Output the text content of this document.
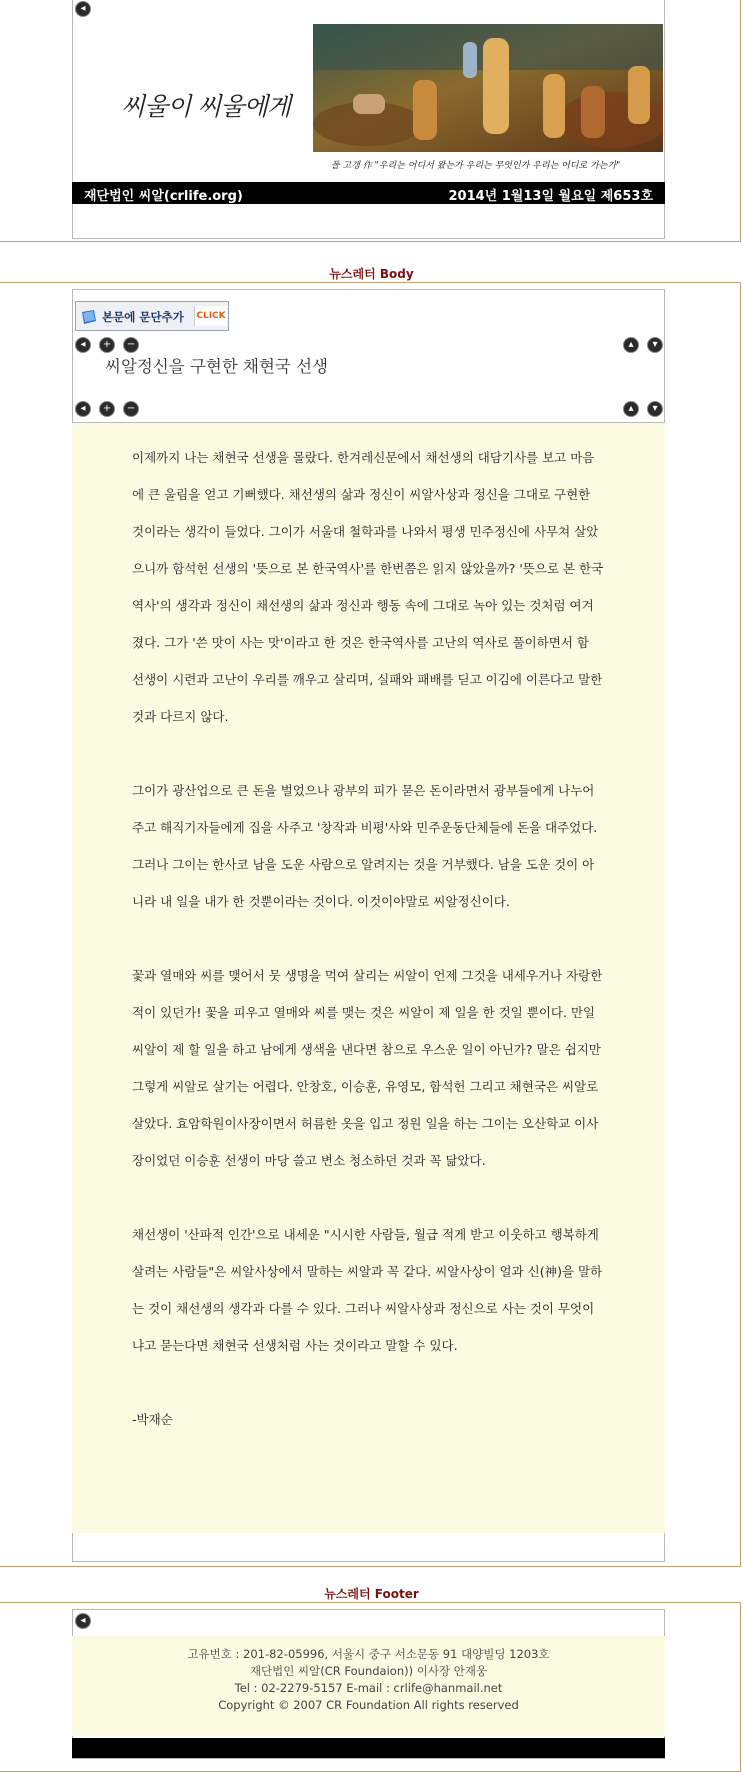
◂
씨울이 씨울에게
폴 고갱 作 "우리는 어디서 왔는가 우리는 무엇인가 우리는 어디로 가는가"
재단법인 씨알(crlife.org)	2014년 1월13일 월요일 제653호
뉴스레터 Body
본문에 문단추가 CLICK
◂	+	−	▴	▾
씨알정신을 구현한 채현국 선생
◂	+	−	▴	▾

이제까지 나는 채현국 선생을 몰랐다. 한겨레신문에서 채선생의 대담기사를 보고 마음에 큰 울림을 얻고 기뻐했다. 채선생의 삶과 정신이 씨알사상과 정신을 그대로 구현한 것이라는 생각이 들었다. 그이가 서울대 철학과를 나와서 평생 민주정신에 사무쳐 살았으니까 함석헌 선생의 '뜻으로 본 한국역사'를 한번쯤은 읽지 않았을까? '뜻으로 본 한국역사'의 생각과 정신이 채선생의 삶과 정신과 행동 속에 그대로 녹아 있는 것처럼 여겨졌다. 그가 '쓴 맛이 사는 맛'이라고 한 것은 한국역사를 고난의 역사로 풀이하면서 함 선생이 시련과 고난이 우리를 깨우고 살리며, 실패와 패배를 딛고 이김에 이른다고 말한 것과 다르지 않다.

그이가 광산업으로 큰 돈을 벌었으나 광부의 피가 묻은 돈이라면서 광부들에게 나누어주고 해직기자들에게 집을 사주고 '창작과 비평'사와 민주운동단체들에 돈을 대주었다. 그러나 그이는 한사코 남을 도운 사람으로 알려지는 것을 거부했다. 남을 도운 것이 아니라 내 일을 내가 한 것뿐이라는 것이다. 이것이야말로 씨알정신이다.

꽃과 열매와 씨를 맺어서 뭇 생명을 먹여 살리는 씨알이 언제 그것을 내세우거나 자랑한 적이 있던가! 꽃을 피우고 열매와 씨를 맺는 것은 씨알이 제 일을 한 것일 뿐이다. 만일 씨알이 제 할 일을 하고 남에게 생색을 낸다면 참으로 우스운 일이 아닌가? 말은 쉽지만 그렇게 씨알로 살기는 어렵다. 안창호, 이승훈, 유영모, 함석헌 그리고 채현국은 씨알로 살았다. 효암학원이사장이면서 허름한 옷을 입고 정원 일을 하는 그이는 오산학교 이사장이었던 이승훈 선생이 마당 쓸고 변소 청소하던 것과 꼭 닮았다.

채선생이 '산파적 인간'으로 내세운 "시시한 사람들, 월급 적게 받고 이웃하고 행복하게 살려는 사람들"은 씨알사상에서 말하는 씨알과 꼭 같다. 씨알사상이 얼과 신(神)을 말하는 것이 채선생의 생각과 다를 수 있다. 그러나 씨알사상과 정신으로 사는 것이 무엇이냐고 묻는다면 채현국 선생처럼 사는 것이라고 말할 수 있다.

-박재순

뉴스레터 Footer
◂
고유번호 : 201-82-05996, 서울시 중구 서소문동 91 대양빌딩 1203호
재단법인 씨알(CR Foundaion)) 이사장 안재웅
Tel : 02-2279-5157 E-mail : crlife@hanmail.net
Copyright © 2007 CR Foundation All rights reserved
